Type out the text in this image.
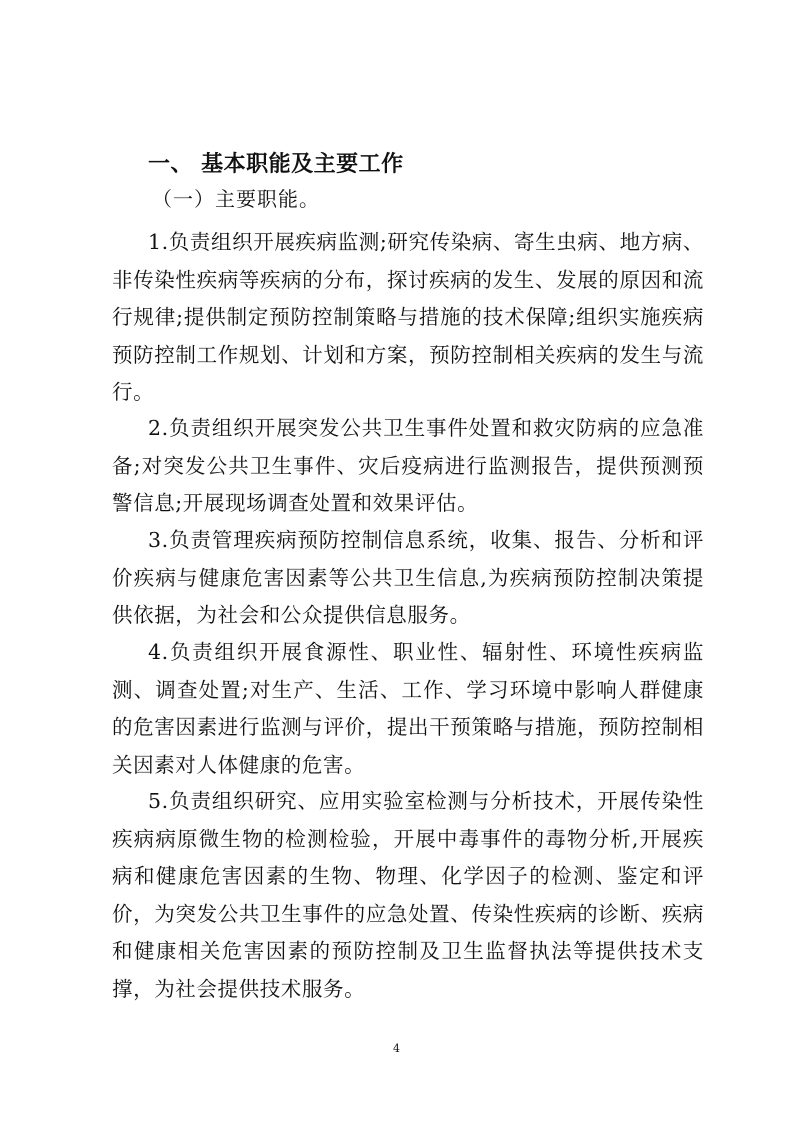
一、 基本职能及主要工作
（一）主要职能。

1.负责组织开展疾病监测;研究传染病、寄生虫病、地方病、非传染性疾病等疾病的分布，探讨疾病的发生、发展的原因和流行规律;提供制定预防控制策略与措施的技术保障;组织实施疾病预防控制工作规划、计划和方案，预防控制相关疾病的发生与流行。

2.负责组织开展突发公共卫生事件处置和救灾防病的应急准备;对突发公共卫生事件、灾后疫病进行监测报告，提供预测预警信息;开展现场调查处置和效果评估。

3.负责管理疾病预防控制信息系统，收集、报告、分析和评价疾病与健康危害因素等公共卫生信息,为疾病预防控制决策提供依据，为社会和公众提供信息服务。

4.负责组织开展食源性、职业性、辐射性、环境性疾病监测、调查处置;对生产、生活、工作、学习环境中影响人群健康的危害因素进行监测与评价，提出干预策略与措施，预防控制相关因素对人体健康的危害。

5.负责组织研究、应用实验室检测与分析技术，开展传染性疾病病原微生物的检测检验，开展中毒事件的毒物分析,开展疾病和健康危害因素的生物、物理、化学因子的检测、鉴定和评价，为突发公共卫生事件的应急处置、传染性疾病的诊断、疾病和健康相关危害因素的预防控制及卫生监督执法等提供技术支撑，为社会提供技术服务。

4
